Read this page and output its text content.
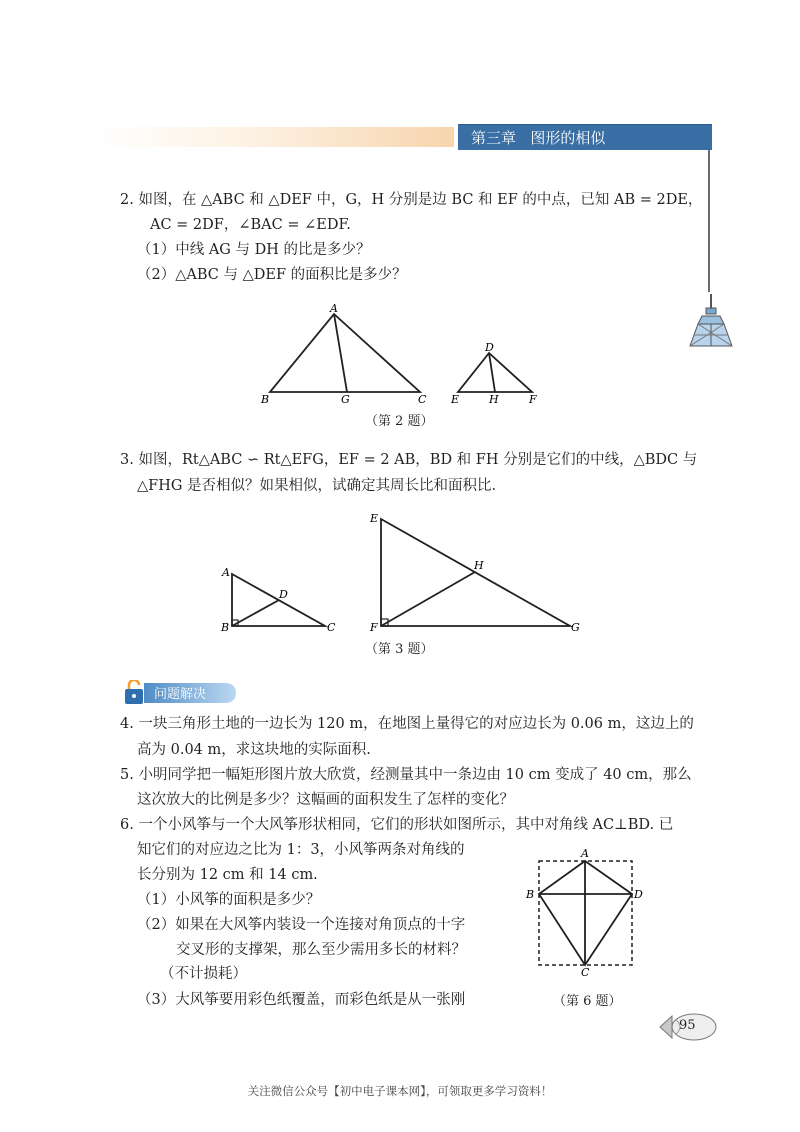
第三章 图形的相似
2. 如图，在 △ABC 和 △DEF 中，G，H 分别是边 BC 和 EF 的中点，已知 AB = 2DE，
AC = 2DF，∠BAC = ∠EDF.
（1）中线 AG 与 DH 的比是多少？
（2）△ABC 与 △DEF 的面积比是多少？
A
B	G	C
D
E	H	F
（第 2 题）
3. 如图，Rt△ABC ∽ Rt△EFG，EF = 2 AB，BD 和 FH 分别是它们的中线，△BDC 与
△FHG 是否相似？如果相似，试确定其周长比和面积比.
A
B	C
D
E
F	G
H
（第 3 题）
问题解决
4. 一块三角形土地的一边长为 120 m，在地图上量得它的对应边长为 0.06 m，这边上的
高为 0.04 m，求这块地的实际面积.
5. 小明同学把一幅矩形图片放大欣赏，经测量其中一条边由 10 cm 变成了 40 cm，那么
这次放大的比例是多少？这幅画的面积发生了怎样的变化？
6. 一个小风筝与一个大风筝形状相同，它们的形状如图所示，其中对角线 AC⊥BD. 已
知它们的对应边之比为 1：3，小风筝两条对角线的
长分别为 12 cm 和 14 cm.
（1）小风筝的面积是多少？
（2）如果在大风筝内装设一个连接对角顶点的十字
交叉形的支撑架，那么至少需用多长的材料？
（不计损耗）
（3）大风筝要用彩色纸覆盖，而彩色纸是从一张刚
A
B
C
D
（第 6 题）
95
关注微信公众号【初中电子课本网】，可领取更多学习资料！
